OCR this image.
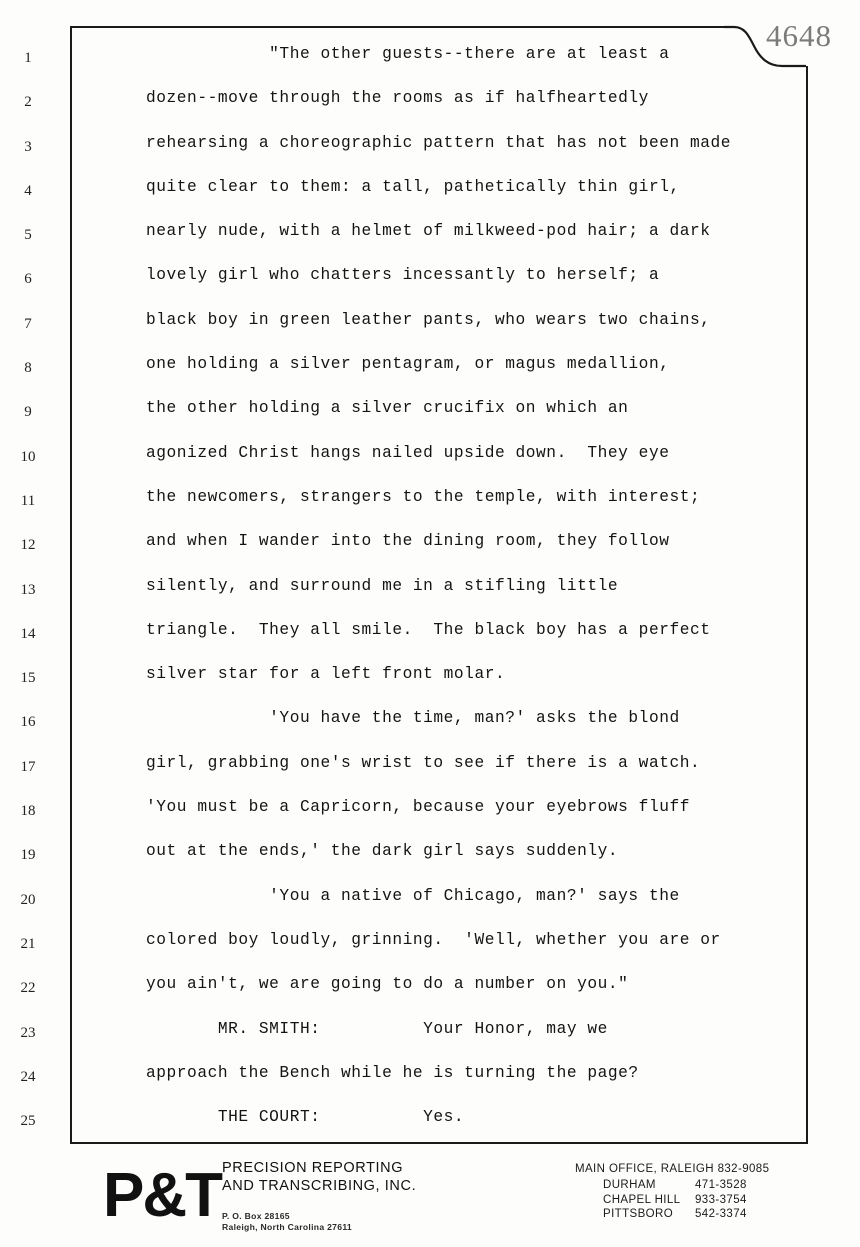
4648
1	"The other guests--there are at least a
2	dozen--move through the rooms as if halfheartedly
3	rehearsing a choreographic pattern that has not been made
4	quite clear to them: a tall, pathetically thin girl,
5	nearly nude, with a helmet of milkweed-pod hair; a dark
6	lovely girl who chatters incessantly to herself; a
7	black boy in green leather pants, who wears two chains,
8	one holding a silver pentagram, or magus medallion,
9	the other holding a silver crucifix on which an
10	agonized Christ hangs nailed upside down.  They eye
11	the newcomers, strangers to the temple, with interest;
12	and when I wander into the dining room, they follow
13	silently, and surround me in a stifling little
14	triangle.  They all smile.  The black boy has a perfect
15	silver star for a left front molar.
16	'You have the time, man?' asks the blond
17	girl, grabbing one's wrist to see if there is a watch.
18	'You must be a Capricorn, because your eyebrows fluff
19	out at the ends,' the dark girl says suddenly.
20	'You a native of Chicago, man?' says the
21	colored boy loudly, grinning.  'Well, whether you are or
22	you ain't, we are going to do a number on you."
23	MR. SMITH:          Your Honor, may we
24	approach the Bench while he is turning the page?
25	THE COURT:          Yes.
P&T PRECISION REPORTING
AND TRANSCRIBING, INC.
P. O. Box 28165
Raleigh, North Carolina 27611
MAIN OFFICE, RALEIGH 832-9085
DURHAM	471-3528
CHAPEL HILL	933-3754
PITTSBORO	542-3374
